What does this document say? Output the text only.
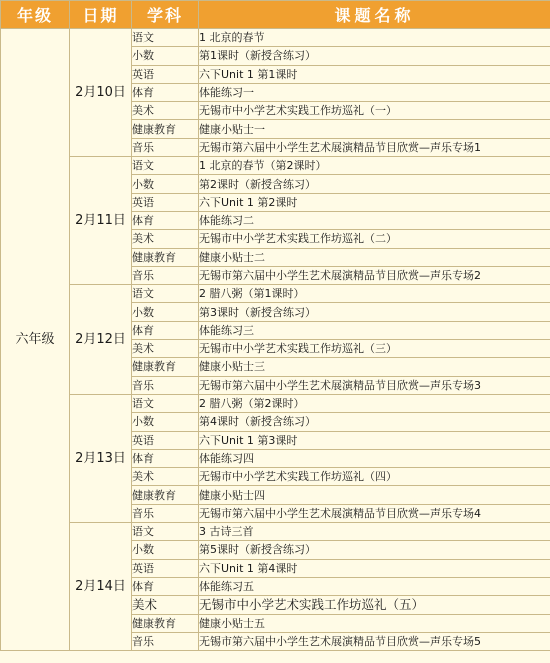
年级	日期	学科	课题名称
六年级	2月10日	语文	1 北京的春节
		小数	第1课时（新授含练习）
		英语	六下Unit 1 第1课时
		体育	体能练习一
		美术	无锡市中小学艺术实践工作坊巡礼（一）
		健康教育	健康小贴士一
		音乐	无锡市第六届中小学生艺术展演精品节目欣赏—声乐专场1
	2月11日	语文	1 北京的春节（第2课时）
		小数	第2课时（新授含练习）
		英语	六下Unit 1 第2课时
		体育	体能练习二
		美术	无锡市中小学艺术实践工作坊巡礼（二）
		健康教育	健康小贴士二
		音乐	无锡市第六届中小学生艺术展演精品节目欣赏—声乐专场2
	2月12日	语文	2 腊八粥（第1课时）
		小数	第3课时（新授含练习）
		体育	体能练习三
		美术	无锡市中小学艺术实践工作坊巡礼（三）
		健康教育	健康小贴士三
		音乐	无锡市第六届中小学生艺术展演精品节目欣赏—声乐专场3
	2月13日	语文	2 腊八粥（第2课时）
		小数	第4课时（新授含练习）
		英语	六下Unit 1 第3课时
		体育	体能练习四
		美术	无锡市中小学艺术实践工作坊巡礼（四）
		健康教育	健康小贴士四
		音乐	无锡市第六届中小学生艺术展演精品节目欣赏—声乐专场4
	2月14日	语文	3 古诗三首
		小数	第5课时（新授含练习）
		英语	六下Unit 1 第4课时
		体育	体能练习五
		美术	无锡市中小学艺术实践工作坊巡礼（五）
		健康教育	健康小贴士五
		音乐	无锡市第六届中小学生艺术展演精品节目欣赏—声乐专场5
